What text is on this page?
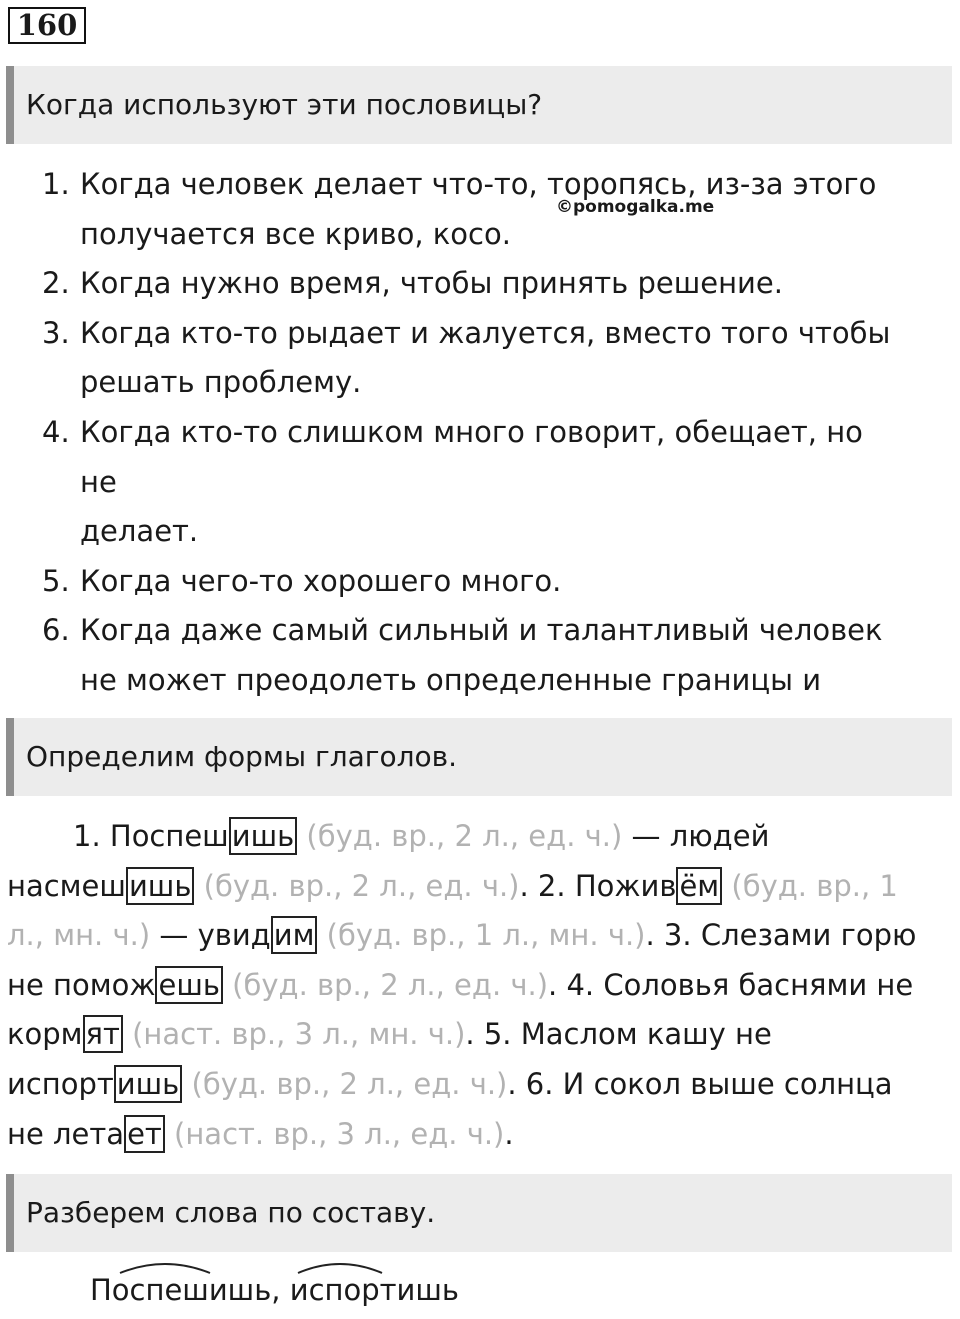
160
Когда используют эти пословицы?
©pomogalka.me
1. Когда человек делает что-то, торопясь, из-за этого
получается все криво, косо.
2. Когда нужно время, чтобы принять решение.
3. Когда кто-то рыдает и жалуется, вместо того чтобы
решать проблему.
4. Когда кто-то слишком много говорит, обещает, но не
делает.
5. Когда чего-то хорошего много.
6. Когда даже самый сильный и талантливый человек
не может преодолеть определенные границы и
Определим формы глаголов.
1. Поспеш ишь (буд. вр., 2 л., ед. ч.) — людей
насмеш ишь (буд. вр., 2 л., ед. ч.). 2. Пожив ём (буд. вр., 1
л., мн. ч.) — увид им (буд. вр., 1 л., мн. ч.). 3. Слезами горю
не помож ешь (буд. вр., 2 л., ед. ч.). 4. Соловья баснями не
корм ят (наст. вр., 3 л., мн. ч.). 5. Маслом кашу не
испорт ишь (буд. вр., 2 л., ед. ч.). 6. И сокол выше солнца
не лета ет (наст. вр., 3 л., ед. ч.).
Разберем слова по составу.
Поспешишь, испортишь
